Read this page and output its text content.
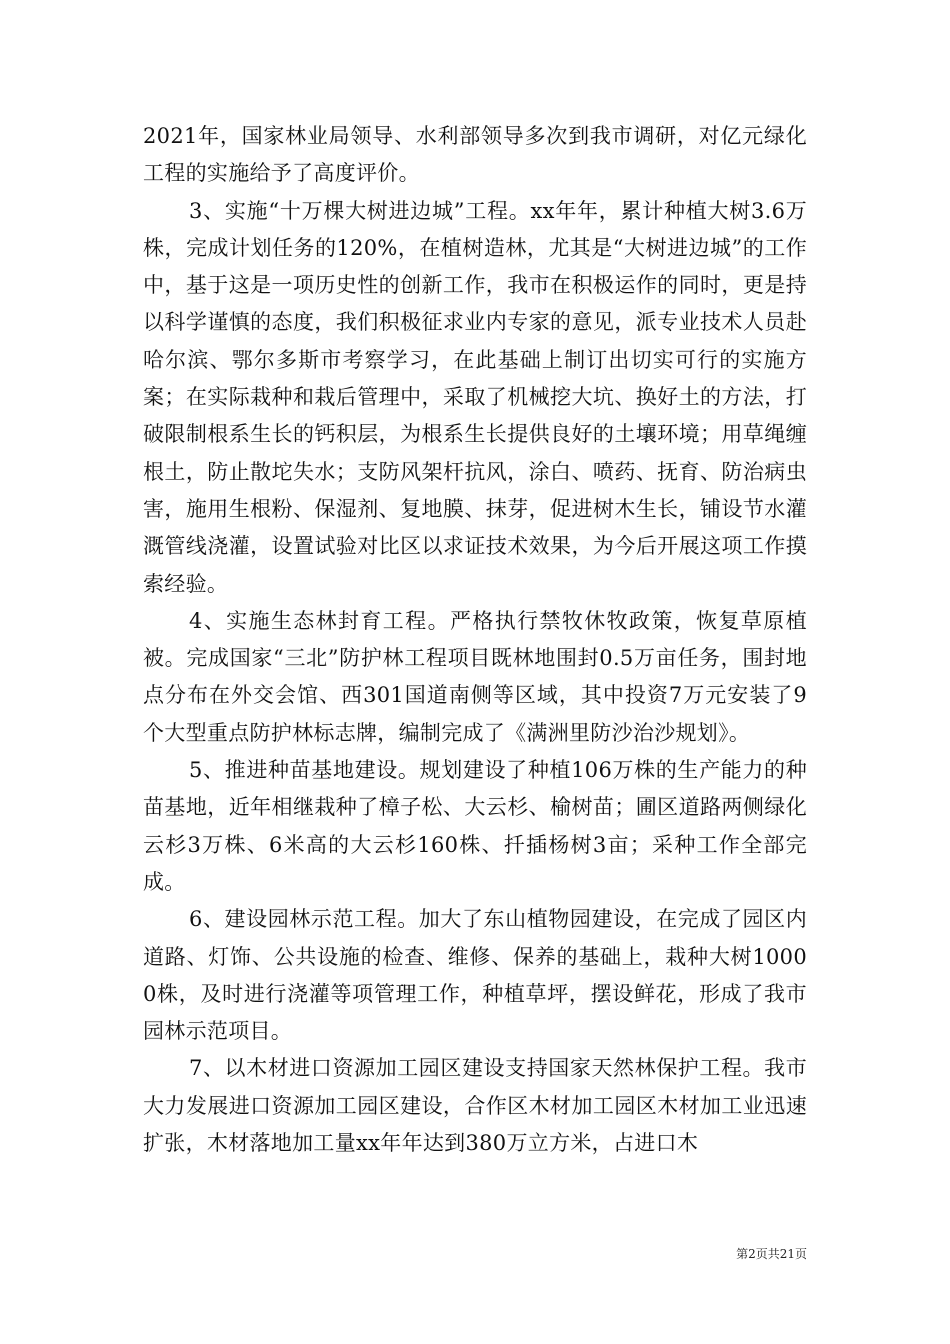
2021年，国家林业局领导、水利部领导多次到我市调研，对亿元绿化工程的实施给予了高度评价。

3、实施“十万棵大树进边城”工程。xx年年，累计种植大树3.6万株，完成计划任务的120%，在植树造林，尤其是“大树进边城”的工作中，基于这是一项历史性的创新工作，我市在积极运作的同时，更是持以科学谨慎的态度，我们积极征求业内专家的意见，派专业技术人员赴哈尔滨、鄂尔多斯市考察学习，在此基础上制订出切实可行的实施方案；在实际栽种和栽后管理中，采取了机械挖大坑、换好土的方法，打破限制根系生长的钙积层，为根系生长提供良好的土壤环境；用草绳缠根土，防止散坨失水；支防风架杆抗风，涂白、喷药、抚育、防治病虫害，施用生根粉、保湿剂、复地膜、抹芽，促进树木生长，铺设节水灌溉管线浇灌，设置试验对比区以求证技术效果，为今后开展这项工作摸索经验。

4、实施生态林封育工程。严格执行禁牧休牧政策，恢复草原植被。完成国家“三北”防护林工程项目既林地围封0.5万亩任务，围封地点分布在外交会馆、西301国道南侧等区域，其中投资7万元安装了9个大型重点防护林标志牌，编制完成了《满洲里防沙治沙规划》。

5、推进种苗基地建设。规划建设了种植106万株的生产能力的种苗基地，近年相继栽种了樟子松、大云杉、榆树苗；圃区道路两侧绿化云杉3万株、6米高的大云杉160株、扦插杨树3亩；采种工作全部完成。

6、建设园林示范工程。加大了东山植物园建设，在完成了园区内道路、灯饰、公共设施的检查、维修、保养的基础上，栽种大树10000株，及时进行浇灌等项管理工作，种植草坪，摆设鲜花，形成了我市园林示范项目。

7、以木材进口资源加工园区建设支持国家天然林保护工程。我市大力发展进口资源加工园区建设，合作区木材加工园区木材加工业迅速扩张，木材落地加工量xx年年达到380万立方米，占进口木

第2页共21页
